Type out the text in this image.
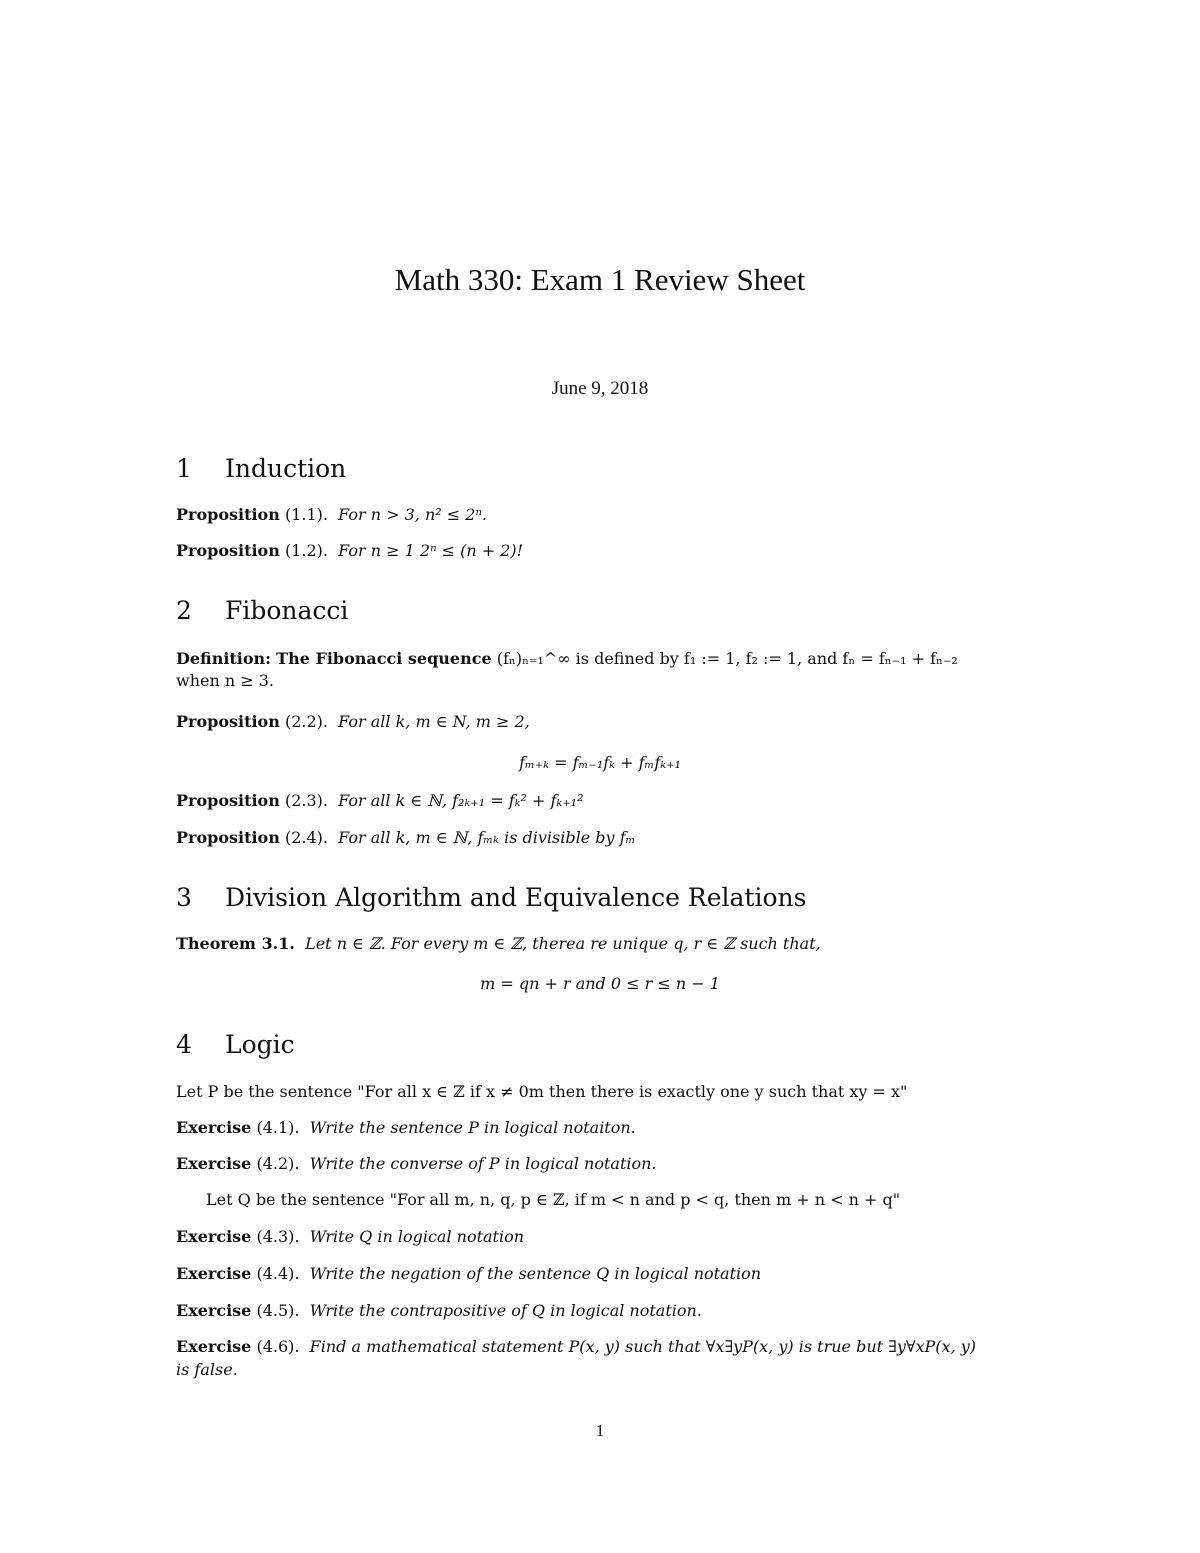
Math 330: Exam 1 Review Sheet
June 9, 2018
1 Induction
Proposition (1.1). For n > 3, n² ≤ 2ⁿ.
Proposition (1.2). For n ≥ 1 2ⁿ ≤ (n + 2)!
2 Fibonacci
Definition: The Fibonacci sequence (fₙ)ₙ₌₁^∞ is defined by f₁ := 1, f₂ := 1, and fₙ = fₙ₋₁ + fₙ₋₂
when n ≥ 3.
Proposition (2.2). For all k, m ∈ N, m ≥ 2,
fₘ₊ₖ = fₘ₋₁fₖ + fₘfₖ₊₁
Proposition (2.3). For all k ∈ ℕ, f₂ₖ₊₁ = fₖ² + fₖ₊₁²
Proposition (2.4). For all k, m ∈ ℕ, fₘₖ is divisible by fₘ
3 Division Algorithm and Equivalence Relations
Theorem 3.1. Let n ∈ ℤ. For every m ∈ ℤ, therea re unique q, r ∈ ℤ such that,
m = qn + r and 0 ≤ r ≤ n − 1
4 Logic
Let P be the sentence "For all x ∈ ℤ if x ≠ 0m then there is exactly one y such that xy = x"
Exercise (4.1). Write the sentence P in logical notaiton.
Exercise (4.2). Write the converse of P in logical notation.
Let Q be the sentence "For all m, n, q, p ∈ ℤ, if m < n and p < q, then m + n < n + q"
Exercise (4.3). Write Q in logical notation
Exercise (4.4). Write the negation of the sentence Q in logical notation
Exercise (4.5). Write the contrapositive of Q in logical notation.
Exercise (4.6). Find a mathematical statement P(x, y) such that ∀x∃yP(x, y) is true but ∃y∀xP(x, y)
is false.
1
